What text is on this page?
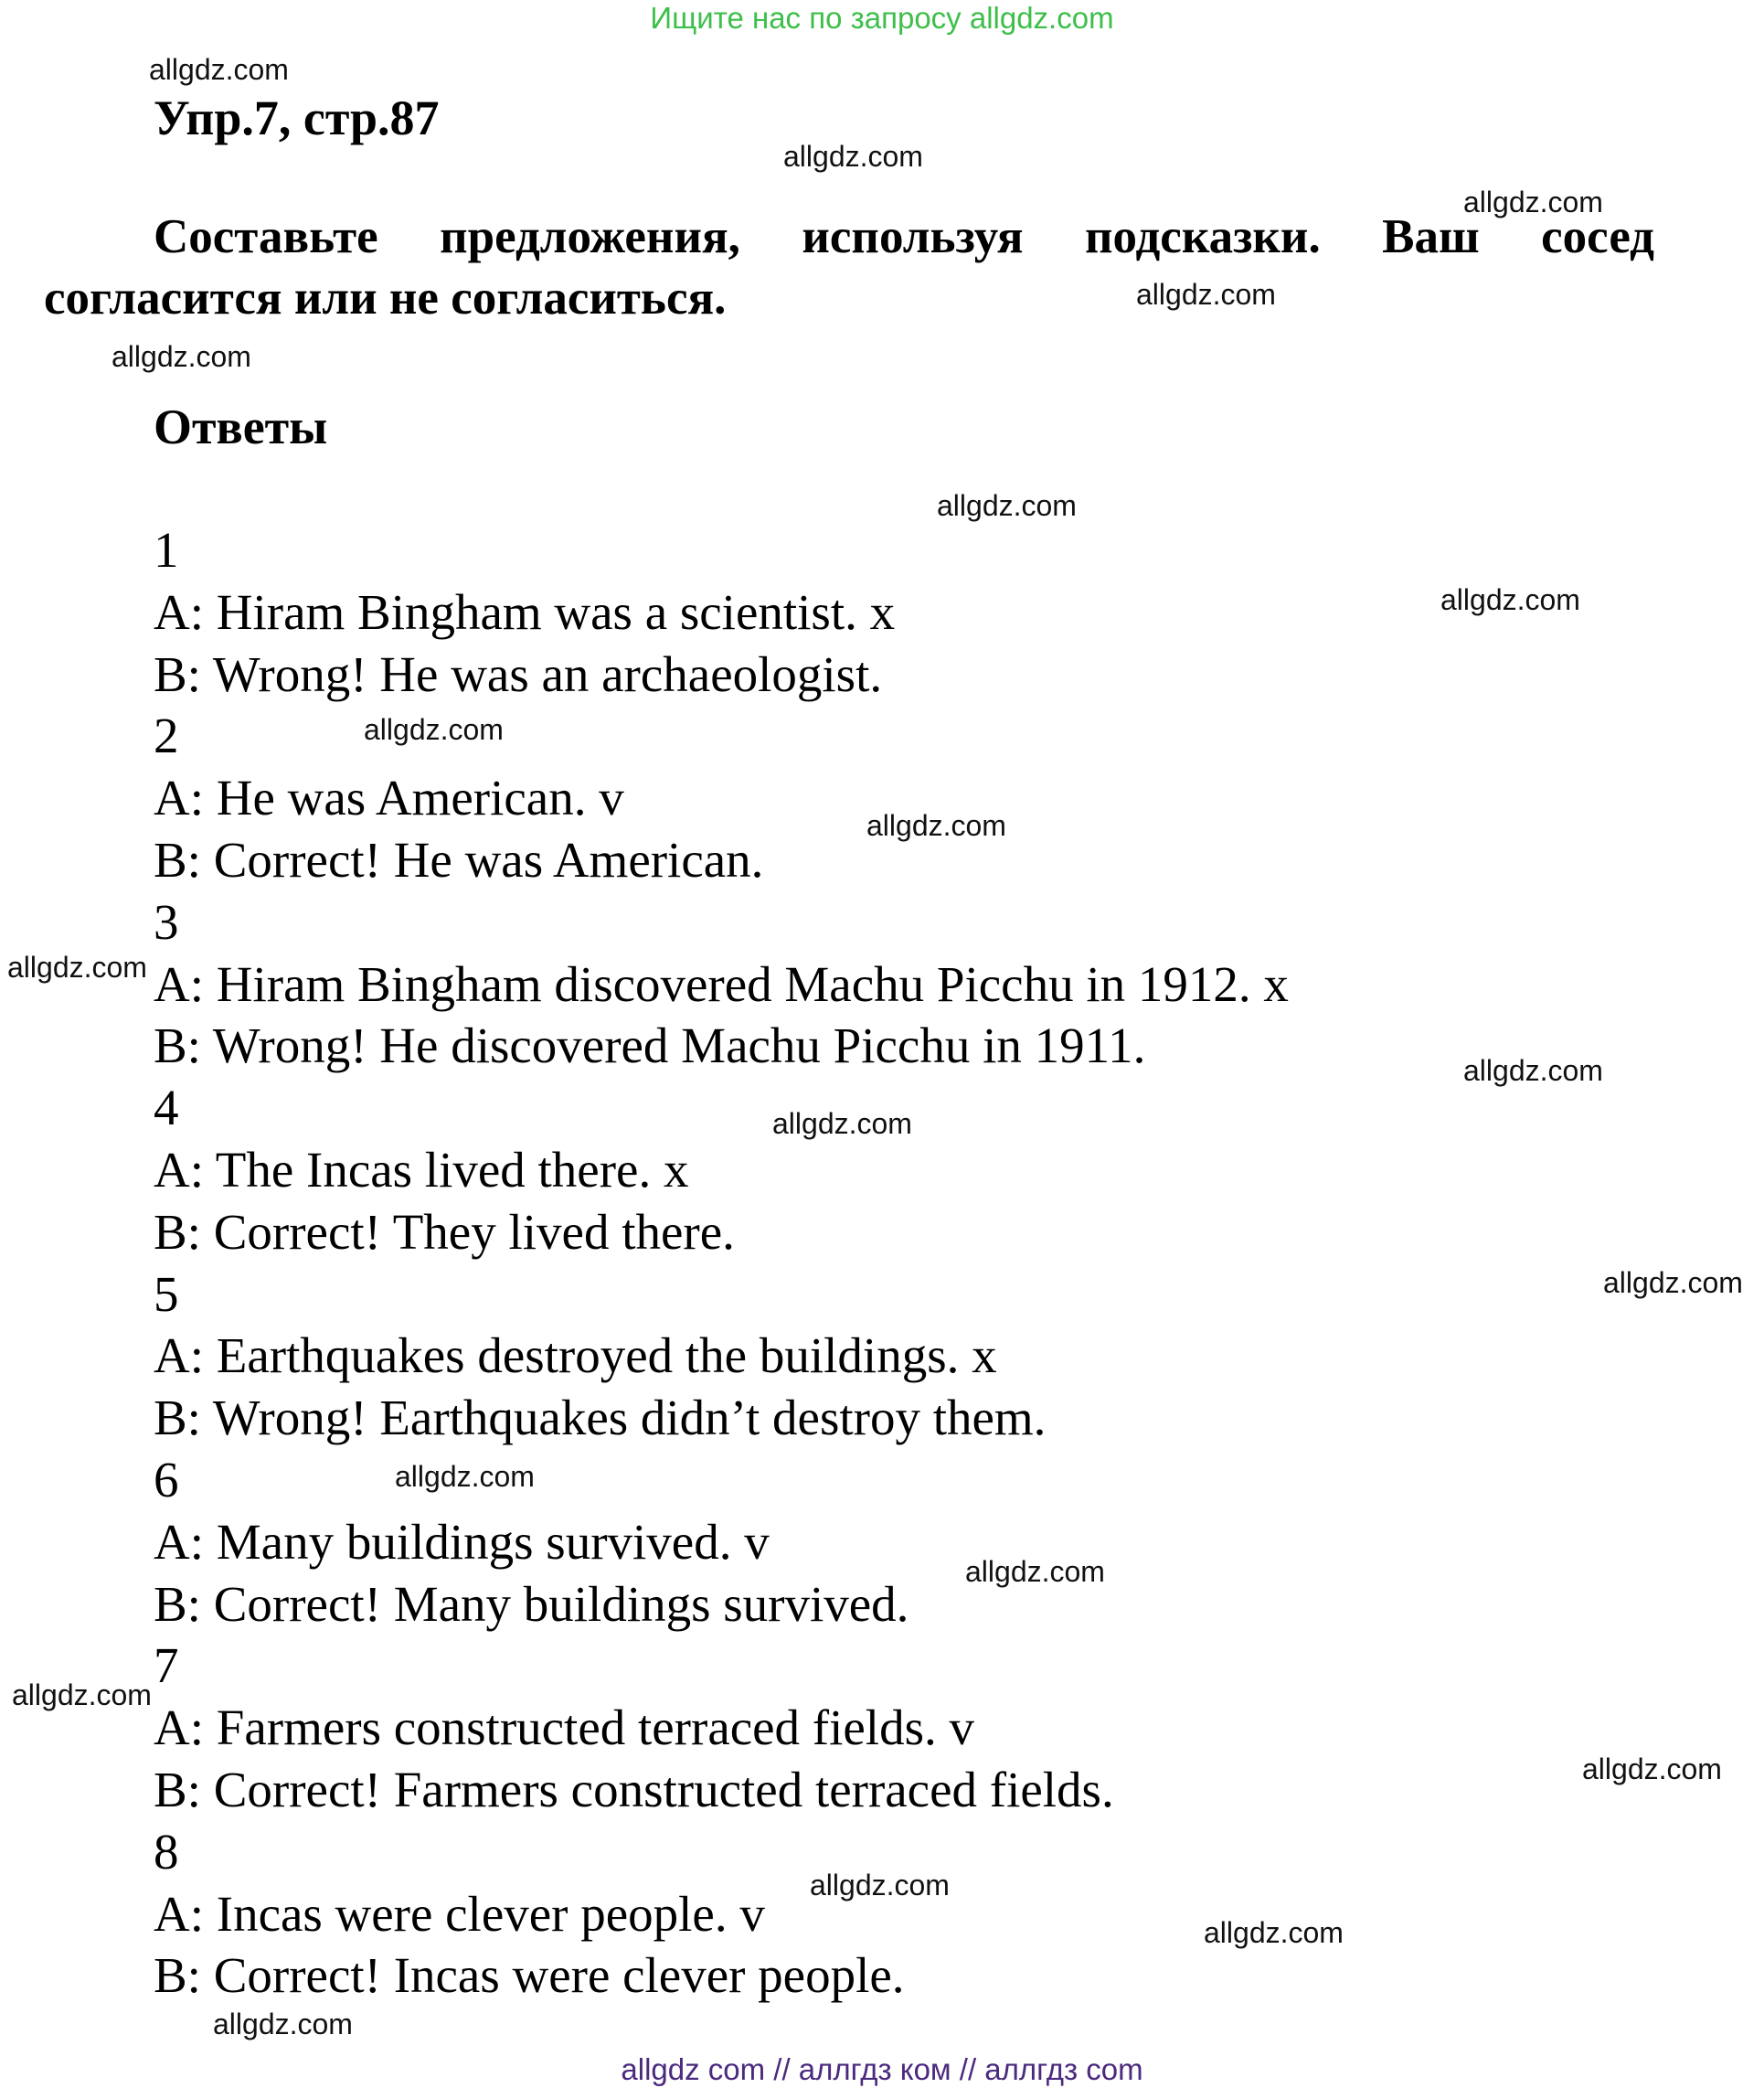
Ищите нас по запросу allgdz.com
allgdz.com
allgdz.com
allgdz.com
allgdz.com
allgdz.com
allgdz.com
allgdz.com
allgdz.com
allgdz.com
allgdz.com
allgdz.com
allgdz.com
allgdz.com
allgdz.com
allgdz.com
allgdz.com
allgdz.com
allgdz.com
allgdz.com
allgdz.com
Упр.7, стр.87
Составьте предложения, используя подсказки. Ваш сосед
согласится или не согласиться.
Ответы
1
A: Hiram Bingham was a scientist. x
B: Wrong! He was an archaeologist.
2
A: He was American. v
B: Correct! He was American.
3
A: Hiram Bingham discovered Machu Picchu in 1912. x
B: Wrong! He discovered Machu Picchu in 1911.
4
A: The Incas lived there. x
B: Correct! They lived there.
5
A: Earthquakes destroyed the buildings. x
B: Wrong! Earthquakes didn’t destroy them.
6
A: Many buildings survived. v
B: Correct! Many buildings survived.
7
A: Farmers constructed terraced fields. v
B: Correct! Farmers constructed terraced fields.
8
A: Incas were clever people. v
B: Correct! Incas were clever people.
allgdz com // аллгдз ком // аллгдз com
